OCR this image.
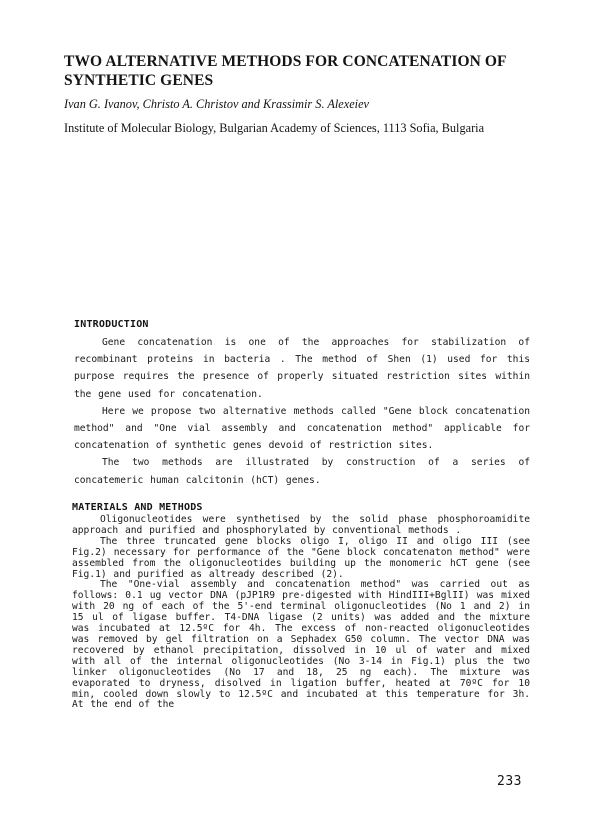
TWO ALTERNATIVE METHODS FOR CONCATENATION OF SYNTHETIC GENES
Ivan G. Ivanov, Christo A. Christov and Krassimir S. Alexeiev
Institute of Molecular Biology, Bulgarian Academy of Sciences, 1113 Sofia, Bulgaria
INTRODUCTION

Gene concatenation is one of the approaches for stabilization of recombinant proteins in bacteria . The method of Shen (1) used for this purpose requires the presence of properly situated restriction sites within the gene used for concatenation.

Here we propose two alternative methods called "Gene block concatenation method" and "One vial assembly and concatenation method" applicable for concatenation of synthetic genes devoid of restriction sites.

The two methods are illustrated by construction of a series of concatemeric human calcitonin (hCT) genes.

MATERIALS AND METHODS

Oligonucleotides were synthetised by the solid phase phosphoroamidite approach and purified and phosphorylated by conventional methods .

The three truncated gene blocks oligo I, oligo II and oligo III (see Fig.2) necessary for performance of the "Gene block concatenaton method" were assembled from the oligonucleotides building up the monomeric hCT gene (see Fig.1) and purified as altready described (2).

The "One-vial assembly and concatenation method" was carried out as follows: 0.1 ug vector DNA (pJP1R9 pre-digested with HindIII+BglII) was mixed with 20 ng of each of the 5'-end terminal oligonucleotides (No 1 and 2) in 15 ul of ligase buffer. T4-DNA ligase (2 units) was added and the mixture was incubated at 12.5ºC for 4h. The excess of non-reacted oligonucleotides was removed by gel filtration on a Sephadex G50 column. The vector DNA was recovered by ethanol precipitation, dissolved in 10 ul of water and mixed with all of the internal oligonucleotides (No 3-14 in Fig.1) plus the two linker oligonucleotides (No 17 and 18, 25 ng each). The mixture was evaporated to dryness, disolved in ligation buffer, heated at 70ºC for 10 min, cooled down slowly to 12.5ºC and incubated at this temperature for 3h. At the end of the

233
